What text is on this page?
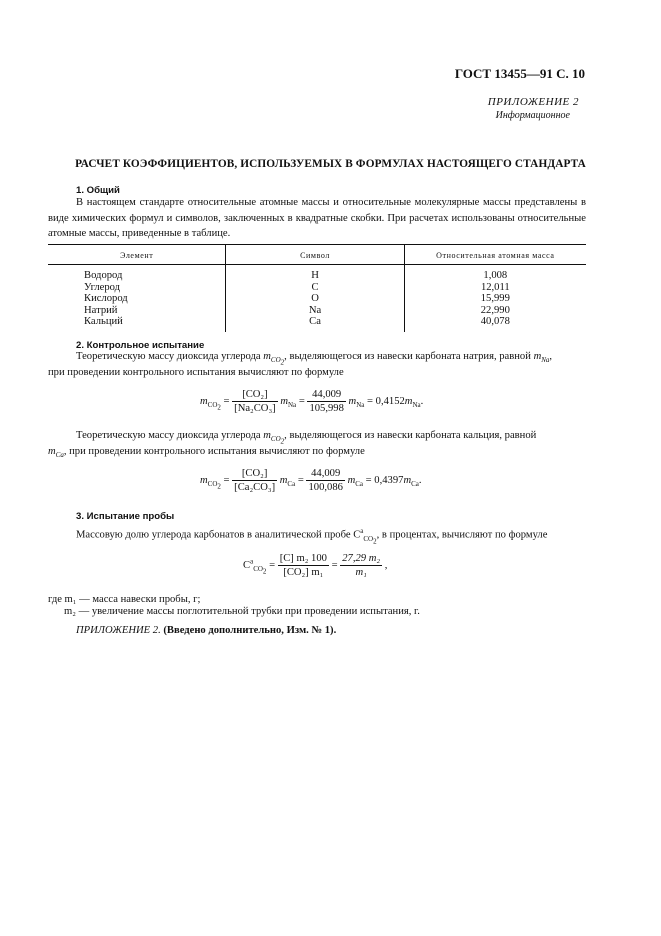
ГОСТ 13455—91 С. 10
ПРИЛОЖЕНИЕ 2
Информационное
РАСЧЕТ КОЭФФИЦИЕНТОВ, ИСПОЛЬЗУЕМЫХ В ФОРМУЛАХ НАСТОЯЩЕГО СТАНДАРТА
1. Общий
В настоящем стандарте относительные атомные массы и относительные молекулярные массы представлены в виде химических формул и символов, заключенных в квадратные скобки. При расчетах использованы относительные атомные массы, приведенные в таблице.
Элемент	Символ	Относительная атомная масса
Водород	H	1,008
Углерод	C	12,011
Кислород	O	15,999
Натрий	Na	22,990
Кальций	Ca	40,078
2. Контрольное испытание
Теоретическую массу диоксида углерода $m_{CO_2}$, выделяющегося из навески карбоната натрия, равной $m_{Na}$,
при проведении контрольного испытания вычисляют по формуле
$m_{CO_2} = \frac{\text{[CO₂]}}{\text{[Na₂CO₃]}} m_{Na} = \frac{44,009}{105,998} m_{Na} = 0,4152m_{Na}$.
Теоретическую массу диоксида углерода $m_{CO_2}$, выделяющегося из навески карбоната кальция, равной
$m_{Ca}$, при проведении контрольного испытания вычисляют по формуле
$m_{CO_2} = \frac{\text{[CO₂]}}{\text{[Ca₂CO₃]}} m_{Ca} = \frac{44,009}{100,086} m_{Ca} = 0,4397m_{Ca}$.
3. Испытание пробы
Массовую долю углерода карбонатов в аналитической пробе $C^a_{CO_2}$, в процентах, вычисляют по формуле
$C^a_{CO_2} = \frac{\text{[C] m₂ 100}}{\text{[CO₂] m₁}} = \frac{\text{27,29 m₂}}{\text{m₁}}$ ,
где m₁ — масса навески пробы, г;
m₂ — увеличение массы поглотительной трубки при проведении испытания, г.
ПРИЛОЖЕНИЕ 2. (Введено дополнительно, Изм. № 1).
